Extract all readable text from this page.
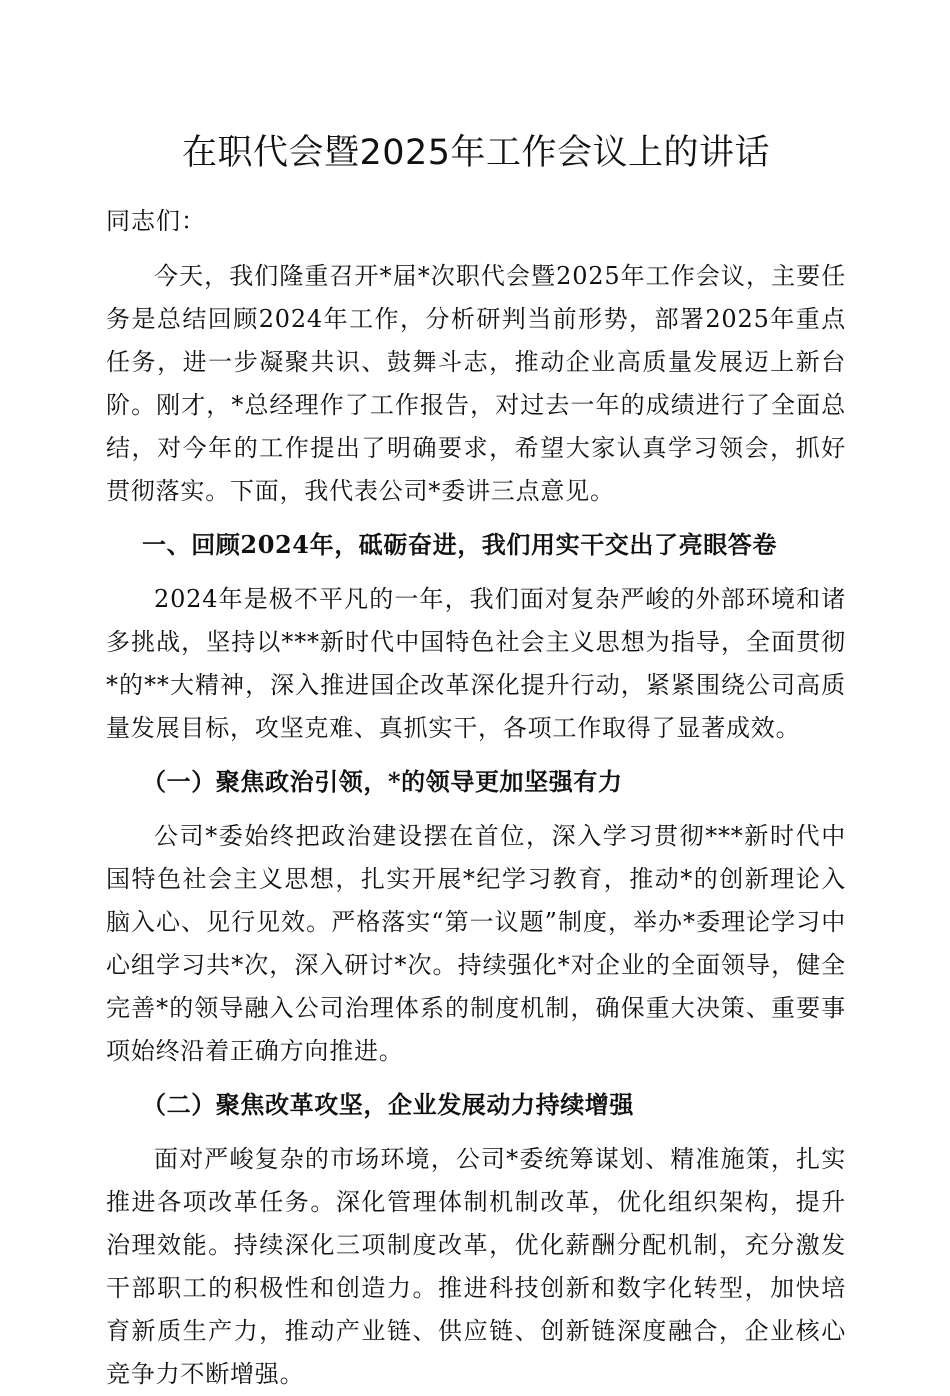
在职代会暨2025年工作会议上的讲话

同志们：

今天，我们隆重召开*届*次职代会暨2025年工作会议，主要任务是总结回顾2024年工作，分析研判当前形势，部署2025年重点任务，进一步凝聚共识、鼓舞斗志，推动企业高质量发展迈上新台阶。刚才，*总经理作了工作报告，对过去一年的成绩进行了全面总结，对今年的工作提出了明确要求，希望大家认真学习领会，抓好贯彻落实。下面，我代表公司*委讲三点意见。

一、回顾2024年，砥砺奋进，我们用实干交出了亮眼答卷

2024年是极不平凡的一年，我们面对复杂严峻的外部环境和诸多挑战，坚持以***新时代中国特色社会主义思想为指导，全面贯彻*的**大精神，深入推进国企改革深化提升行动，紧紧围绕公司高质量发展目标，攻坚克难、真抓实干，各项工作取得了显著成效。

（一）聚焦政治引领，*的领导更加坚强有力

公司*委始终把政治建设摆在首位，深入学习贯彻***新时代中国特色社会主义思想，扎实开展*纪学习教育，推动*的创新理论入脑入心、见行见效。严格落实“第一议题”制度，举办*委理论学习中心组学习共*次，深入研讨*次。持续强化*对企业的全面领导，健全完善*的领导融入公司治理体系的制度机制，确保重大决策、重要事项始终沿着正确方向推进。

（二）聚焦改革攻坚，企业发展动力持续增强

面对严峻复杂的市场环境，公司*委统筹谋划、精准施策，扎实推进各项改革任务。深化管理体制机制改革，优化组织架构，提升治理效能。持续深化三项制度改革，优化薪酬分配机制，充分激发干部职工的积极性和创造力。推进科技创新和数字化转型，加快培育新质生产力，推动产业链、供应链、创新链深度融合，企业核心竞争力不断增强。
